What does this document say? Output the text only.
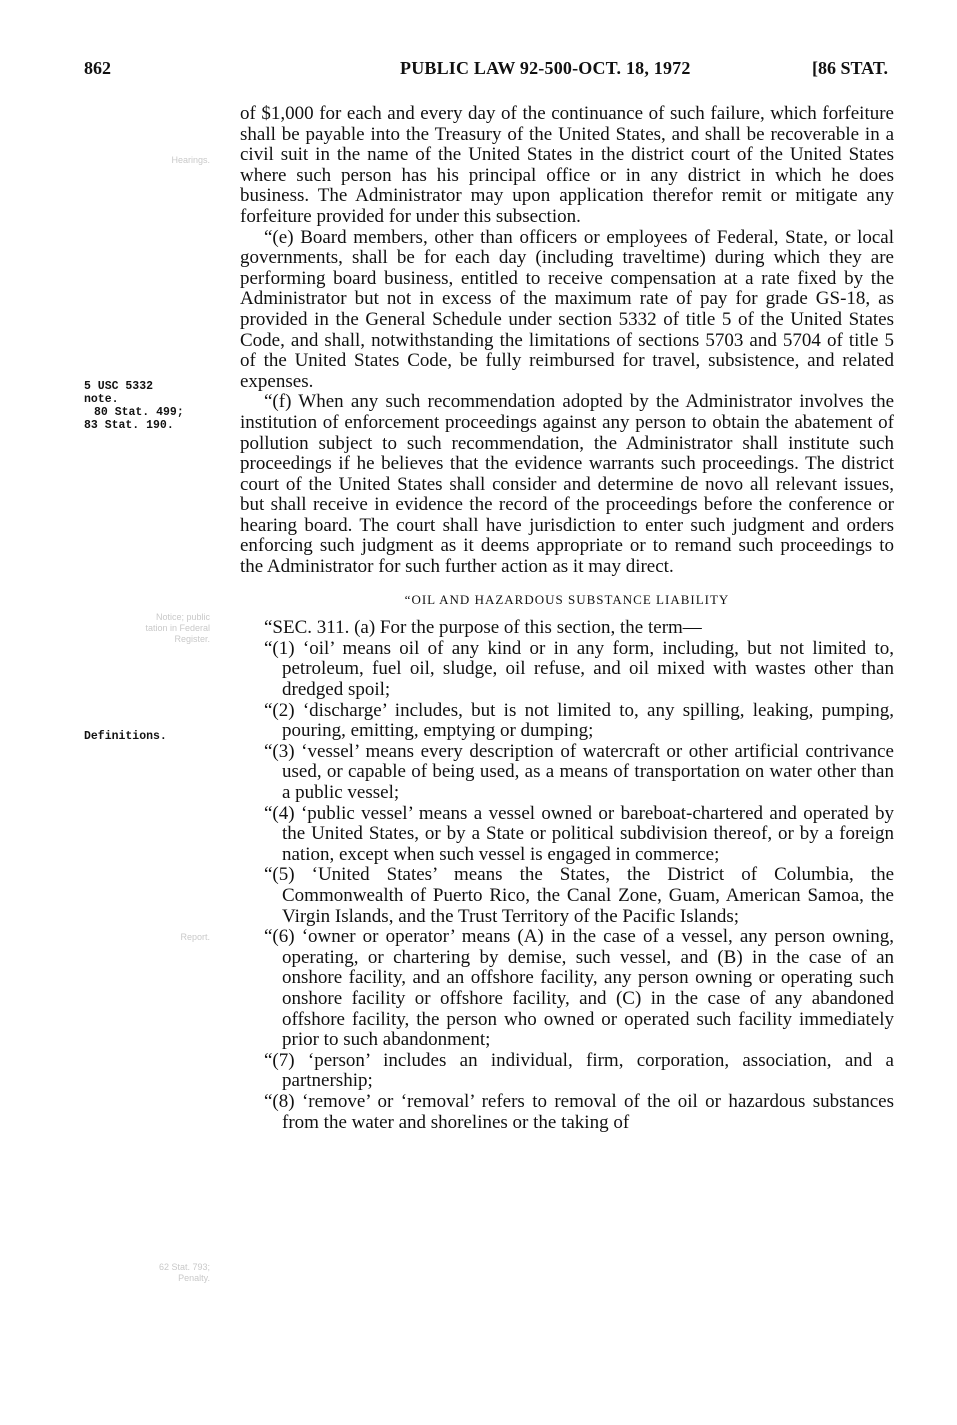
862	PUBLIC LAW 92-500-OCT. 18, 1972	[86 STAT.
Hearings.
Notice; public
tation in Federal
Register.
Report.
62 Stat. 793;
Penalty.
5 USC 5332
note.
80 Stat. 499;
83 Stat. 190.
Definitions.

of $1,000 for each and every day of the continuance of such failure, which forfeiture shall be payable into the Treasury of the United States, and shall be recoverable in a civil suit in the name of the United States in the district court of the United States where such person has his principal office or in any district in which he does business. The Administrator may upon application therefor remit or mitigate any forfeiture provided for under this subsection.

“(e) Board members, other than officers or employees of Federal, State, or local governments, shall be for each day (including traveltime) during which they are performing board business, entitled to receive compensation at a rate fixed by the Administrator but not in excess of the maximum rate of pay for grade GS-18, as provided in the General Schedule under section 5332 of title 5 of the United States Code, and shall, notwithstanding the limitations of sections 5703 and 5704 of title 5 of the United States Code, be fully reimbursed for travel, subsistence, and related expenses.

“(f) When any such recommendation adopted by the Administrator involves the institution of enforcement proceedings against any person to obtain the abatement of pollution subject to such recommendation, the Administrator shall institute such proceedings if he believes that the evidence warrants such proceedings. The district court of the United States shall consider and determine de novo all relevant issues, but shall receive in evidence the record of the proceedings before the conference or hearing board. The court shall have jurisdiction to enter such judgment and orders enforcing such judgment as it deems appropriate or to remand such proceedings to the Administrator for such further action as it may direct.

“OIL AND HAZARDOUS SUBSTANCE LIABILITY

“SEC. 311. (a) For the purpose of this section, the term—

“(1) ‘oil’ means oil of any kind or in any form, including, but not limited to, petroleum, fuel oil, sludge, oil refuse, and oil mixed with wastes other than dredged spoil;

“(2) ‘discharge’ includes, but is not limited to, any spilling, leaking, pumping, pouring, emitting, emptying or dumping;

“(3) ‘vessel’ means every description of watercraft or other artificial contrivance used, or capable of being used, as a means of transportation on water other than a public vessel;

“(4) ‘public vessel’ means a vessel owned or bareboat-chartered and operated by the United States, or by a State or political subdivision thereof, or by a foreign nation, except when such vessel is engaged in commerce;

“(5) ‘United States’ means the States, the District of Columbia, the Commonwealth of Puerto Rico, the Canal Zone, Guam, American Samoa, the Virgin Islands, and the Trust Territory of the Pacific Islands;

“(6) ‘owner or operator’ means (A) in the case of a vessel, any person owning, operating, or chartering by demise, such vessel, and (B) in the case of an onshore facility, and an offshore facility, any person owning or operating such onshore facility or offshore facility, and (C) in the case of any abandoned offshore facility, the person who owned or operated such facility immediately prior to such abandonment;

“(7) ‘person’ includes an individual, firm, corporation, association, and a partnership;

“(8) ‘remove’ or ‘removal’ refers to removal of the oil or hazardous substances from the water and shorelines or the taking of
